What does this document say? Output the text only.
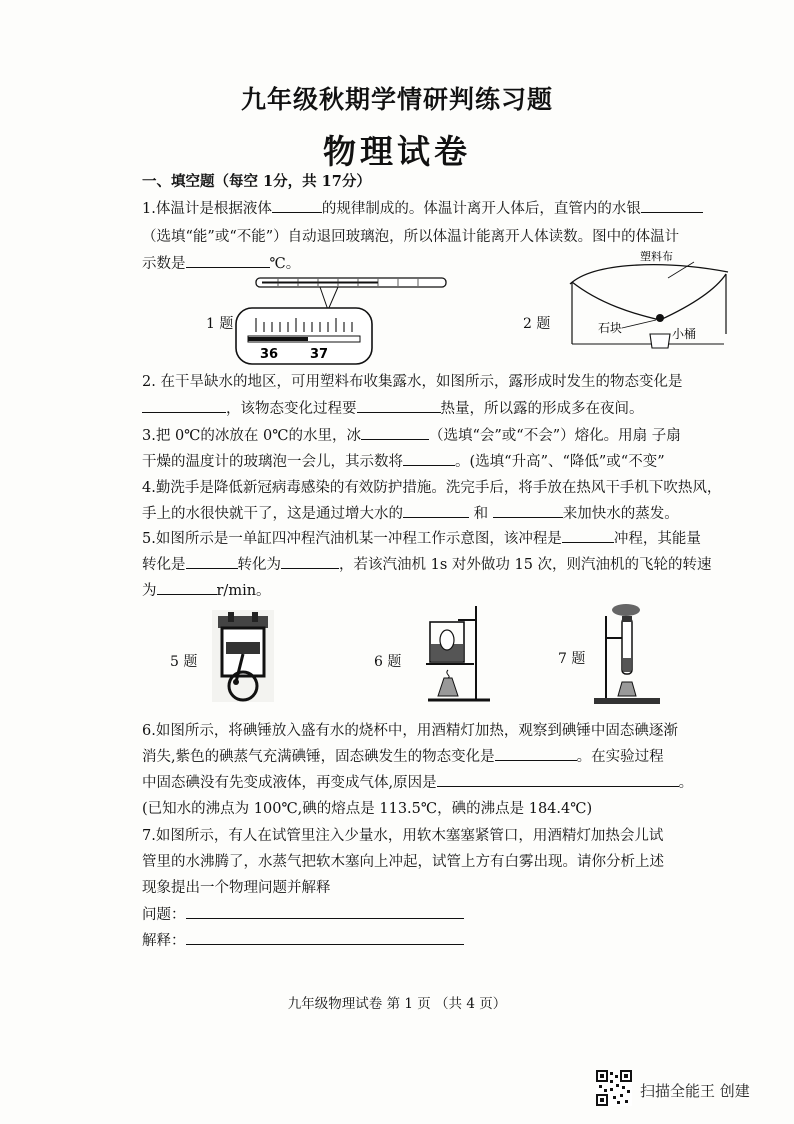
九年级秋期学情研判练习题
物理试卷
一、填空题（每空 1分，共 17分）
1.体温计是根据液体	的规律制成的。体温计离开人体后，直管内的水银
（选填“能”或“不能”）自动退回玻璃泡，所以体温计能离开人体读数。图中的体温计
示数是	℃。
36 37
1 题	2 题
塑料布
石块	小桶
2. 在干旱缺水的地区，可用塑料布收集露水，如图所示，露形成时发生的物态变化是
，该物态变化过程要	热量，所以露的形成多在夜间。
3.把 0℃的冰放在 0℃的水里，冰	（选填“会”或“不会”）熔化。用扇 子扇
干燥的温度计的玻璃泡一会儿，其示数将	。(选填“升高”、“降低”或“不变”
4.勤洗手是降低新冠病毒感染的有效防护措施。洗完手后，将手放在热风干手机下吹热风，
手上的水很快就干了，这是通过增大水的	和	来加快水的蒸发。
5.如图所示是一单缸四冲程汽油机某一冲程工作示意图，该冲程是	冲程，其能量
转化是	转化为	，若该汽油机 1s 对外做功 15 次，则汽油机的飞轮的转速
为	r/min。
5 题	6 题	7 题
6.如图所示，将碘锤放入盛有水的烧杯中，用酒精灯加热，观察到碘锤中固态碘逐渐
消失,紫色的碘蒸气充满碘锤，固态碘发生的物态变化是	。在实验过程
中固态碘没有先变成液体，再变成气体,原因是	。
(已知水的沸点为 100℃,碘的熔点是 113.5℃，碘的沸点是 184.4℃)
7.如图所示，有人在试管里注入少量水，用软木塞塞紧管口，用酒精灯加热会儿试
管里的水沸腾了，水蒸气把软木塞向上冲起，试管上方有白雾出现。请你分析上述
现象提出一个物理问题并解释
问题：
解释：
九年级物理试卷 第 1 页 （共 4 页）
扫描全能王 创建
